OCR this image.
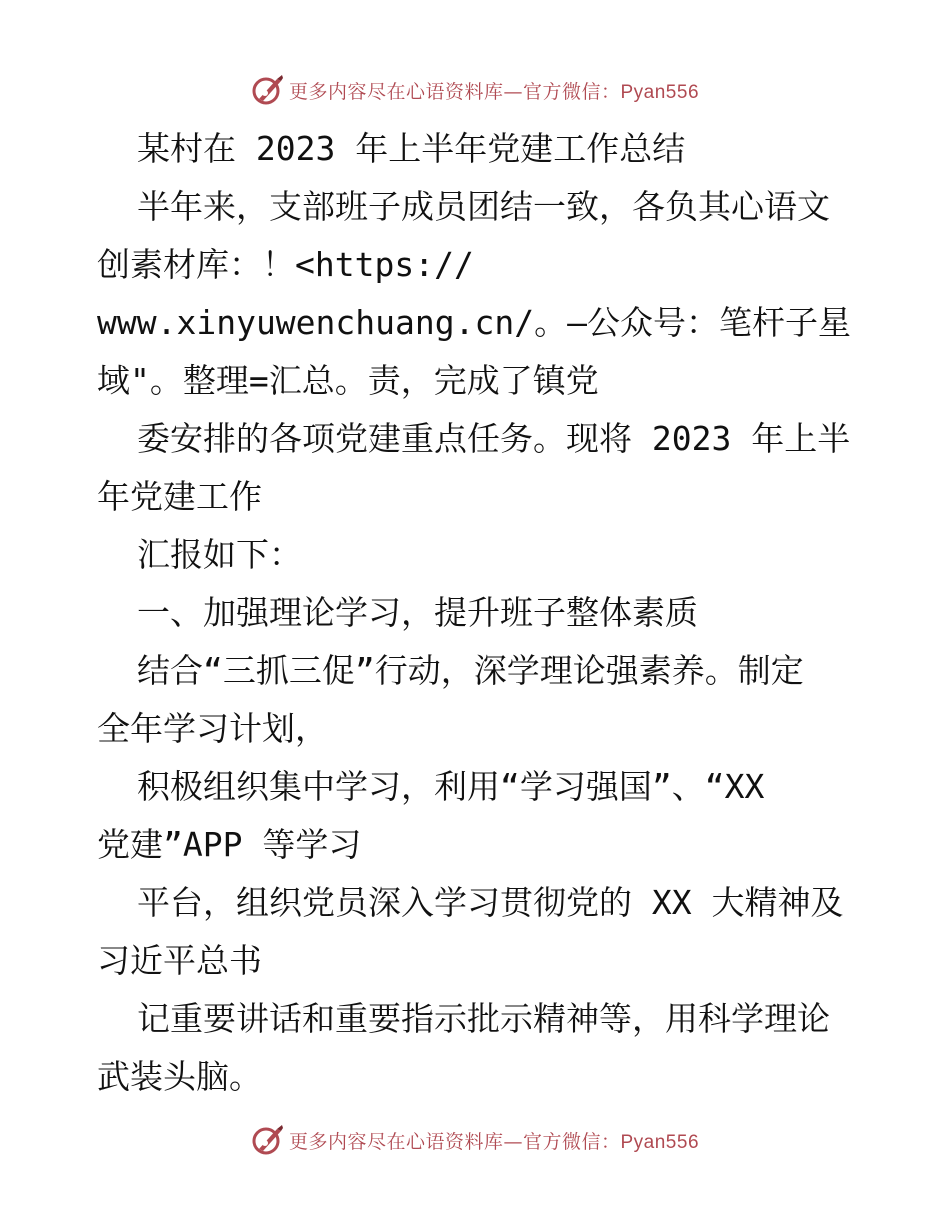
更多内容尽在心语资料库—官方微信：Pyan556
某村在 2023 年上半年党建工作总结
半年来，支部班子成员团结一致，各负其心语文
创素材库：！<https://
www.xinyuwenchuang.cn/。—公众号：笔杆子星
域"。整理=汇总。责，完成了镇党
委安排的各项党建重点任务。现将 2023 年上半
年党建工作
汇报如下：
一、加强理论学习，提升班子整体素质
结合“三抓三促”行动，深学理论强素养。制定
全年学习计划，
积极组织集中学习，利用“学习强国”、“XX
党建”APP 等学习
平台，组织党员深入学习贯彻党的 XX 大精神及
习近平总书
记重要讲话和重要指示批示精神等，用科学理论
武装头脑。
更多内容尽在心语资料库—官方微信：Pyan556
